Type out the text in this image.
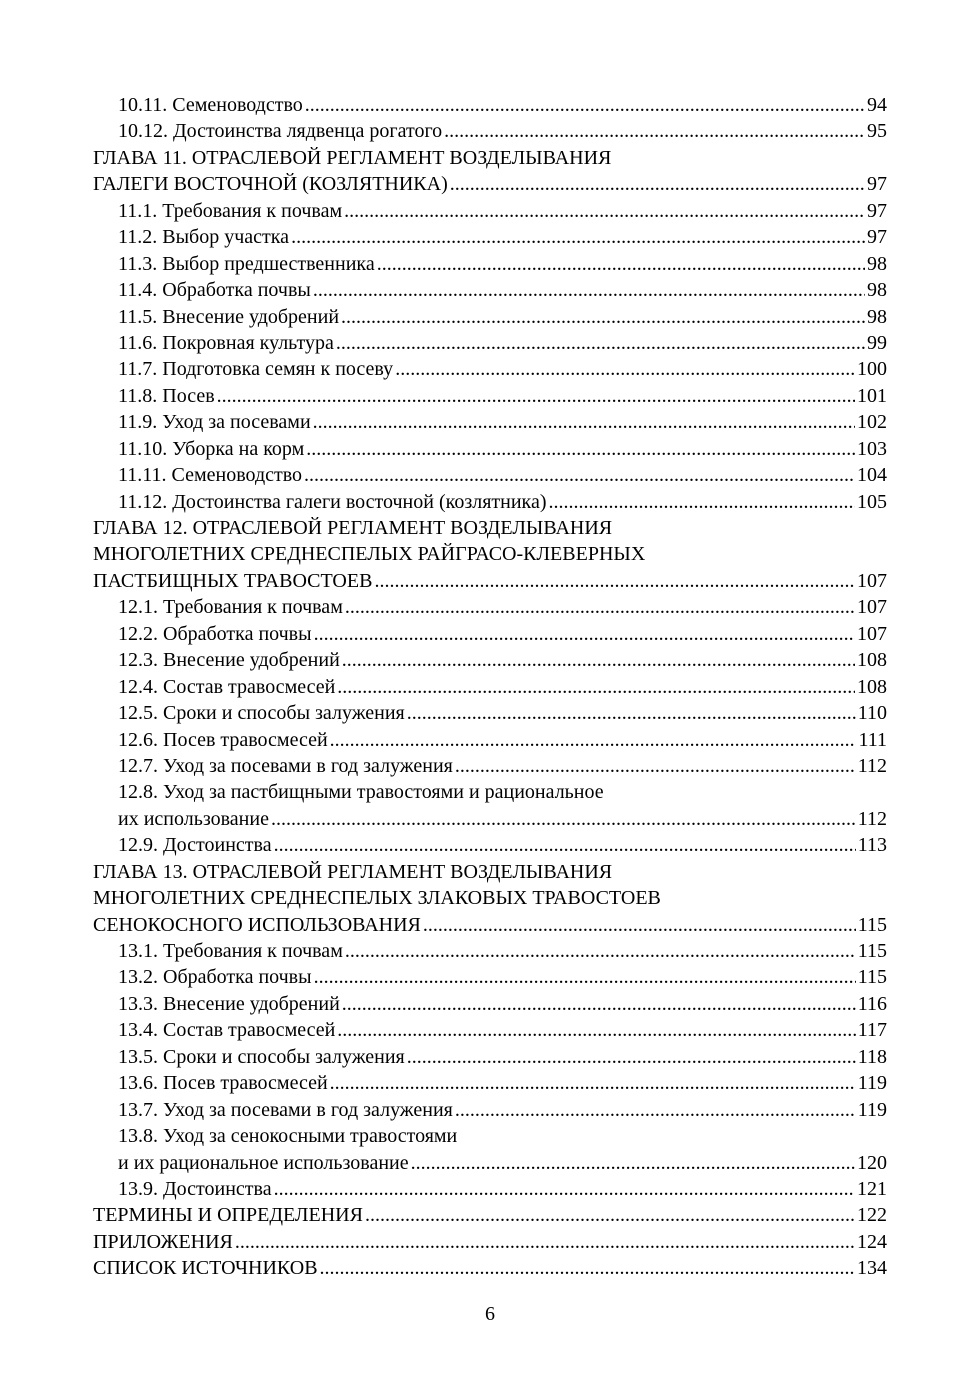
10.11. Семеноводство .....	94
10.12. Достоинства лядвенца рогатого .....	95
ГЛАВА 11. ОТРАСЛЕВОЙ РЕГЛАМЕНТ ВОЗДЕЛЫВАНИЯ
ГАЛЕГИ ВОСТОЧНОЙ (КОЗЛЯТНИКА) .....	97
11.1. Требования к почвам .....	97
11.2. Выбор участка .....	97
11.3. Выбор предшественника .....	98
11.4. Обработка почвы .....	98
11.5. Внесение удобрений .....	98
11.6. Покровная культура .....	99
11.7. Подготовка семян к посеву .....	100
11.8. Посев .....	101
11.9. Уход за посевами .....	102
11.10. Уборка на корм .....	103
11.11. Семеноводство .....	104
11.12. Достоинства галеги восточной (козлятника) .....	105
ГЛАВА 12. ОТРАСЛЕВОЙ РЕГЛАМЕНТ ВОЗДЕЛЫВАНИЯ
МНОГОЛЕТНИХ СРЕДНЕСПЕЛЫХ РАЙГРАСО-КЛЕВЕРНЫХ
ПАСТБИЩНЫХ ТРАВОСТОЕВ .....	107
12.1. Требования к почвам .....	107
12.2. Обработка почвы .....	107
12.3. Внесение удобрений .....	108
12.4. Состав травосмесей .....	108
12.5. Сроки и способы залужения .....	110
12.6. Посев травосмесей .....	111
12.7. Уход за посевами в год залужения .....	112
12.8. Уход за пастбищными травостоями и рациональное
их использование .....	112
12.9. Достоинства .....	113
ГЛАВА 13. ОТРАСЛЕВОЙ РЕГЛАМЕНТ ВОЗДЕЛЫВАНИЯ
МНОГОЛЕТНИХ СРЕДНЕСПЕЛЫХ ЗЛАКОВЫХ ТРАВОСТОЕВ
СЕНОКОСНОГО ИСПОЛЬЗОВАНИЯ .....	115
13.1. Требования к почвам .....	115
13.2. Обработка почвы .....	115
13.3. Внесение удобрений .....	116
13.4. Состав травосмесей .....	117
13.5. Сроки и способы залужения .....	118
13.6. Посев травосмесей .....	119
13.7. Уход за посевами в год залужения .....	119
13.8. Уход за сенокосными травостоями
и их рациональное использование .....	120
13.9. Достоинства .....	121
ТЕРМИНЫ И ОПРЕДЕЛЕНИЯ .....	122
ПРИЛОЖЕНИЯ .....	124
СПИСОК ИСТОЧНИКОВ .....	134
6
